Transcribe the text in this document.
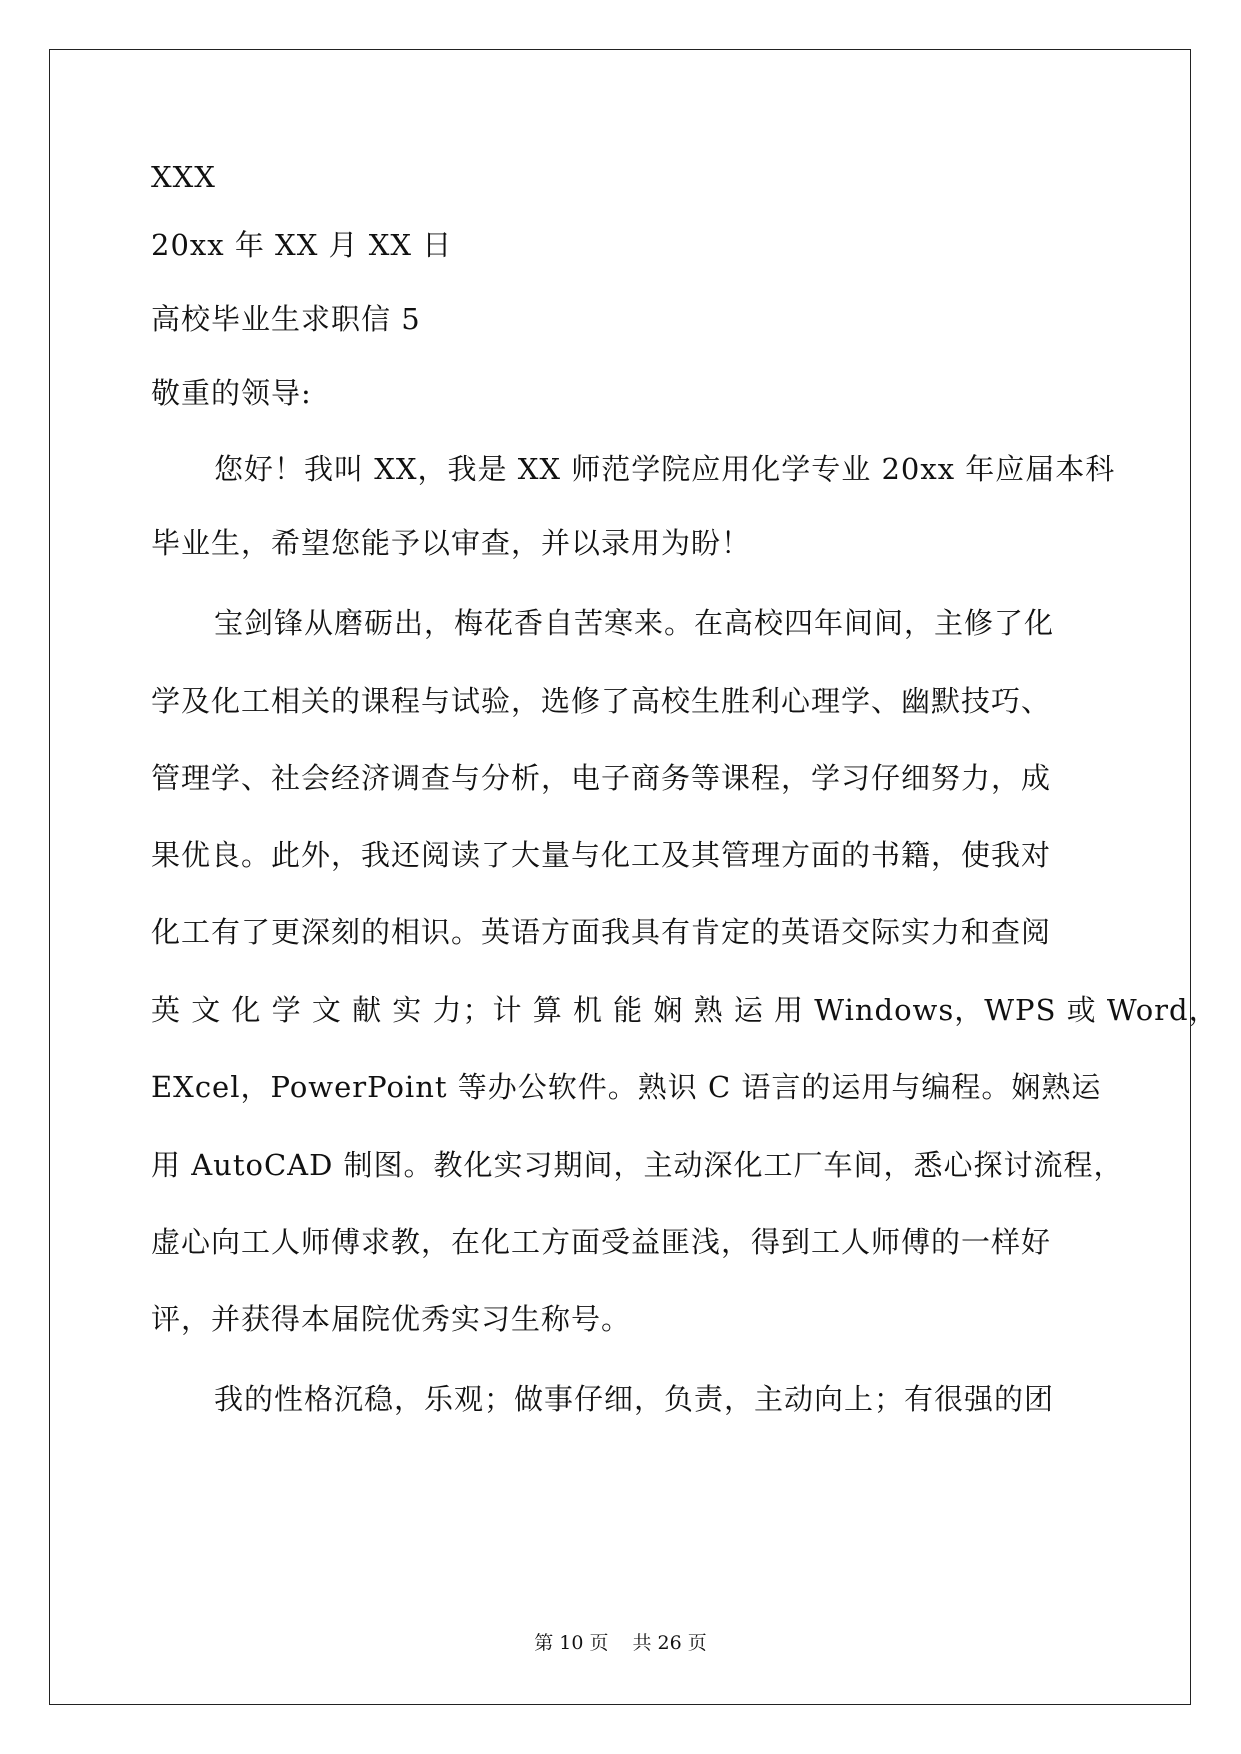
XXX
20xx 年 XX 月 XX 日
高校毕业生求职信 5
敬重的领导:
您好！我叫 XX，我是 XX 师范学院应用化学专业 20xx 年应届本科
毕业生，希望您能予以审查，并以录用为盼！
宝剑锋从磨砺出，梅花香自苦寒来。在高校四年间间，主修了化
学及化工相关的课程与试验，选修了高校生胜利心理学、幽默技巧、
管理学、社会经济调查与分析，电子商务等课程，学习仔细努力，成
果优良。此外，我还阅读了大量与化工及其管理方面的书籍，使我对
化工有了更深刻的相识。英语方面我具有肯定的英语交际实力和查阅
英 文 化 学 文 献 实 力；计 算 机 能 娴 熟 运 用 Windows，WPS 或 Word，
EXcel，PowerPoint 等办公软件。熟识 C 语言的运用与编程。娴熟运
用 AutoCAD 制图。教化实习期间，主动深化工厂车间，悉心探讨流程，
虚心向工人师傅求教，在化工方面受益匪浅，得到工人师傅的一样好
评，并获得本届院优秀实习生称号。
我的性格沉稳，乐观；做事仔细，负责，主动向上；有很强的团
第 10 页 共 26 页
